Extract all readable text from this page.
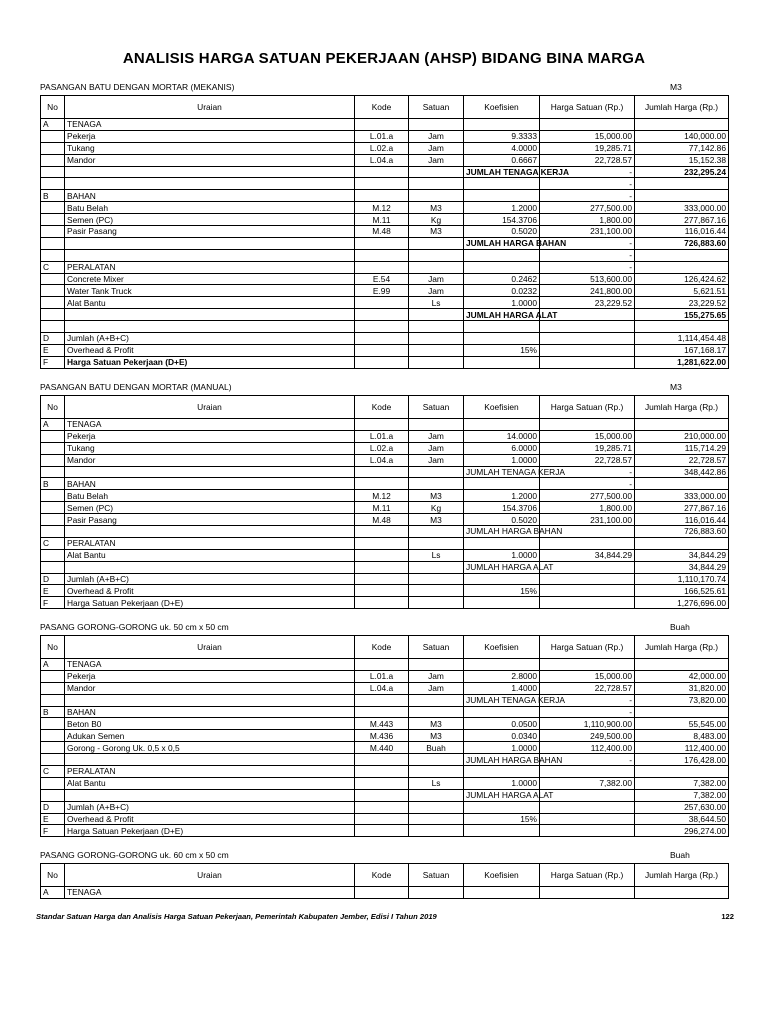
ANALISIS HARGA SATUAN PEKERJAAN (AHSP) BIDANG BINA MARGA
PASANGAN BATU DENGAN MORTAR (MEKANIS)	M3
No	Uraian	Kode	Satuan	Koefisien	Harga Satuan (Rp.)	Jumlah Harga (Rp.)
A	TENAGA					
	Pekerja	L.01.a	Jam	9.3333	15,000.00	140,000.00
	Tukang	L.02.a	Jam	4.0000	19,285.71	77,142.86
	Mandor	L.04.a	Jam	0.6667	22,728.57	15,152.38
				JUMLAH TENAGA KERJA	-	232,295.24
					-	
B	BAHAN				-	
	Batu Belah	M.12	M3	1.2000	277,500.00	333,000.00
	Semen (PC)	M.11	Kg	154.3706	1,800.00	277,867.16
	Pasir Pasang	M.48	M3	0.5020	231,100.00	116,016.44
				JUMLAH HARGA BAHAN	-	726,883.60
					-	
C	PERALATAN				-	
	Concrete Mixer	E.54	Jam	0.2462	513,600.00	126,424.62
	Water Tank Truck	E.99	Jam	0.0232	241,800.00	5,621.51
	Alat Bantu		Ls	1.0000	23,229.52	23,229.52
				JUMLAH HARGA ALAT		155,275.65

D	Jumlah (A+B+C)					1,114,454.48
E	Overhead & Profit			15%		167,168.17
F	Harga Satuan Pekerjaan (D+E)					1,281,622.00
PASANGAN BATU DENGAN MORTAR (MANUAL)	M3
No	Uraian	Kode	Satuan	Koefisien	Harga Satuan (Rp.)	Jumlah Harga (Rp.)
A	TENAGA					
	Pekerja	L.01.a	Jam	14.0000	15,000.00	210,000.00
	Tukang	L.02.a	Jam	6.0000	19,285.71	115,714.29
	Mandor	L.04.a	Jam	1.0000	22,728.57	22,728.57
				JUMLAH TENAGA KERJA	-	348,442.86
B	BAHAN				-	
	Batu Belah	M.12	M3	1.2000	277,500.00	333,000.00
	Semen (PC)	M.11	Kg	154.3706	1,800.00	277,867.16
	Pasir Pasang	M.48	M3	0.5020	231,100.00	116,016.44
				JUMLAH HARGA BAHAN		726,883.60
C	PERALATAN					
	Alat Bantu		Ls	1.0000	34,844.29	34,844.29
				JUMLAH HARGA ALAT		34,844.29
D	Jumlah (A+B+C)					1,110,170.74
E	Overhead & Profit			15%		166,525.61
F	Harga Satuan Pekerjaan (D+E)					1,276,696.00
PASANG GORONG-GORONG uk. 50 cm x 50 cm	Buah
No	Uraian	Kode	Satuan	Koefisien	Harga Satuan (Rp.)	Jumlah Harga (Rp.)
A	TENAGA					
	Pekerja	L.01.a	Jam	2.8000	15,000.00	42,000.00
	Mandor	L.04.a	Jam	1.4000	22,728.57	31,820.00
				JUMLAH TENAGA KERJA	-	73,820.00
B	BAHAN				-	
	Beton B0	M.443	M3	0.0500	1,110,900.00	55,545.00
	Adukan Semen	M.436	M3	0.0340	249,500.00	8,483.00
	Gorong - Gorong Uk. 0,5 x 0,5	M.440	Buah	1.0000	112,400.00	112,400.00
				JUMLAH HARGA BAHAN	-	176,428.00
C	PERALATAN					
	Alat Bantu		Ls	1.0000	7,382.00	7,382.00
				JUMLAH HARGA ALAT		7,382.00
D	Jumlah (A+B+C)					257,630.00
E	Overhead & Profit			15%		38,644.50
F	Harga Satuan Pekerjaan (D+E)					296,274.00
PASANG GORONG-GORONG uk. 60 cm x 50 cm	Buah
No	Uraian	Kode	Satuan	Koefisien	Harga Satuan (Rp.)	Jumlah Harga (Rp.)
A	TENAGA					
Standar Satuan Harga dan Analisis Harga Satuan Pekerjaan, Pemerintah Kabupaten Jember, Edisi I Tahun 2019	122
